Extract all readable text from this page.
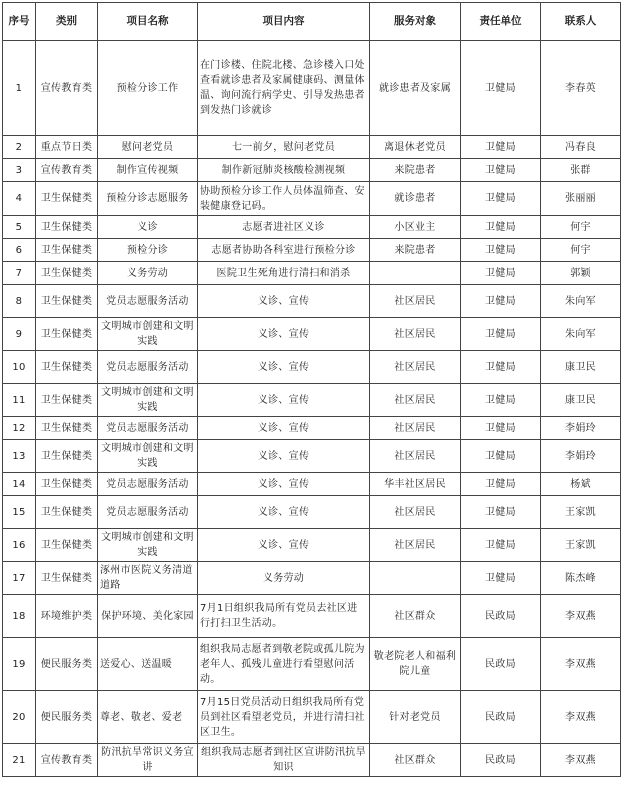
序号	类别	项目名称	项目内容	服务对象	责任单位	联系人
1	宣传教育类	预检分诊工作	在门诊楼、住院北楼、急诊楼入口处查看就诊患者及家属健康码、测量体温、询问流行病学史、引导发热患者到发热门诊就诊	就诊患者及家属	卫健局	李春英
2	重点节日类	慰问老党员	七一前夕，慰问老党员	离退休老党员	卫健局	冯春良
3	宣传教育类	制作宣传视频	制作新冠肺炎核酸检测视频	来院患者	卫健局	张群
4	卫生保健类	预检分诊志愿服务	协助预检分诊工作人员体温筛查、安装健康登记码。	就诊患者	卫健局	张丽丽
5	卫生保健类	义诊	志愿者进社区义诊	小区业主	卫健局	何宇
6	卫生保健类	预检分诊	志愿者协助各科室进行预检分诊	来院患者	卫健局	何宇
7	卫生保健类	义务劳动	医院卫生死角进行清扫和消杀		卫健局	郭颖
8	卫生保健类	党员志愿服务活动	义诊、宣传	社区居民	卫健局	朱向军
9	卫生保健类	文明城市创建和文明实践	义诊、宣传	社区居民	卫健局	朱向军
10	卫生保健类	党员志愿服务活动	义诊、宣传	社区居民	卫健局	康卫民
11	卫生保健类	文明城市创建和文明实践	义诊、宣传	社区居民	卫健局	康卫民
12	卫生保健类	党员志愿服务活动	义诊、宣传	社区居民	卫健局	李娟玲
13	卫生保健类	文明城市创建和文明实践	义诊、宣传	社区居民	卫健局	李娟玲
14	卫生保健类	党员志愿服务活动	义诊、宣传	华丰社区居民	卫健局	杨斌
15	卫生保健类	党员志愿服务活动	义诊、宣传	社区居民	卫健局	王家凯
16	卫生保健类	文明城市创建和文明实践	义诊、宣传	社区居民	卫健局	王家凯
17	卫生保健类	涿州市医院义务清道道路	义务劳动		卫健局	陈杰峰
18	环境维护类	保护环境、美化家园	7月1日组织我局所有党员去社区进行打扫卫生活动。	社区群众	民政局	李双燕
19	便民服务类	送爱心、送温暖	组织我局志愿者到敬老院或孤儿院为老年人、孤残儿童进行看望慰问活动。	敬老院老人和福利院儿童	民政局	李双燕
20	便民服务类	尊老、敬老、爱老	7月15日党员活动日组织我局所有党员到社区看望老党员，并进行清扫社区卫生。	针对老党员	民政局	李双燕
21	宣传教育类	防汛抗旱常识义务宣讲	组织我局志愿者到社区宣讲防汛抗旱知识	社区群众	民政局	李双燕
